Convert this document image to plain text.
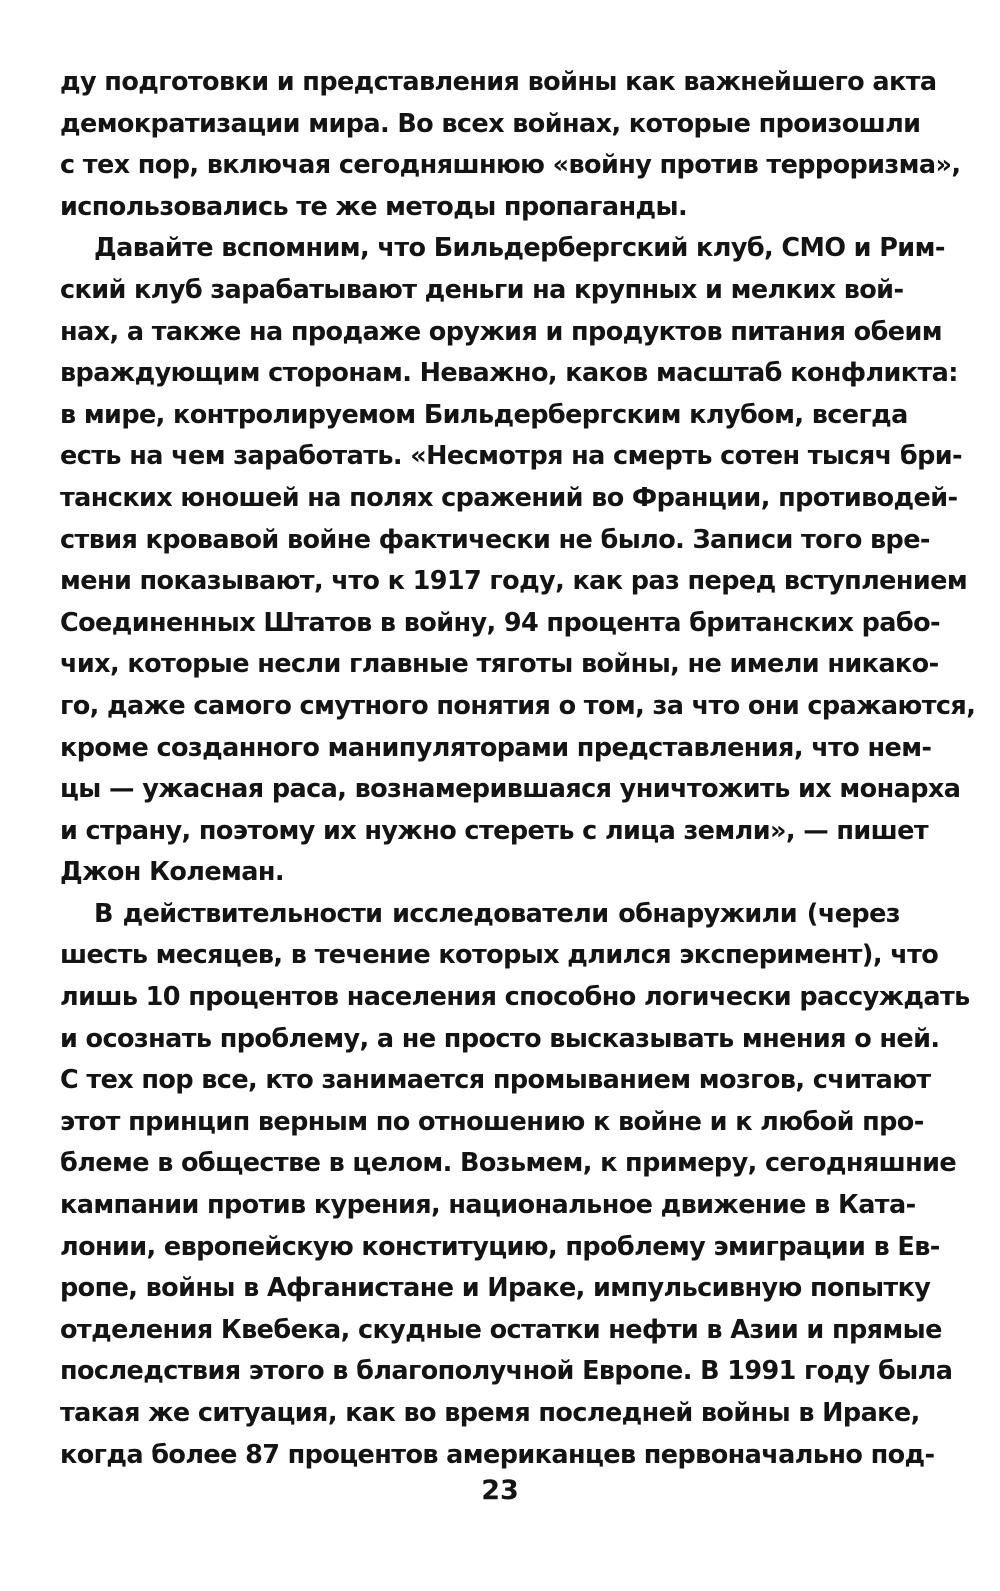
ду подготовки и представления войны как важнейшего акта
демократизации мира. Во всех войнах, которые произошли
с тех пор, включая сегодняшнюю «войну против терроризма»,
использовались те же методы пропаганды.
Давайте вспомним, что Бильдербергский клуб, СМО и Рим-
ский клуб зарабатывают деньги на крупных и мелких вой-
нах, а также на продаже оружия и продуктов питания обеим
враждующим сторонам. Неважно, каков масштаб конфликта:
в мире, контролируемом Бильдербергским клубом, всегда
есть на чем заработать. «Несмотря на смерть сотен тысяч бри-
танских юношей на полях сражений во Франции, противодей-
ствия кровавой войне фактически не было. Записи того вре-
мени показывают, что к 1917 году, как раз перед вступлением
Соединенных Штатов в войну, 94 процента британских рабо-
чих, которые несли главные тяготы войны, не имели никако-
го, даже самого смутного понятия о том, за что они сражаются,
кроме созданного манипуляторами представления, что нем-
цы — ужасная раса, вознамерившаяся уничтожить их монарха
и страну, поэтому их нужно стереть с лица земли», — пишет
Джон Колеман.
В действительности исследователи обнаружили (через
шесть месяцев, в течение которых длился эксперимент), что
лишь 10 процентов населения способно логически рассуждать
и осознать проблему, а не просто высказывать мнения о ней.
С тех пор все, кто занимается промыванием мозгов, считают
этот принцип верным по отношению к войне и к любой про-
блеме в обществе в целом. Возьмем, к примеру, сегодняшние
кампании против курения, национальное движение в Ката-
лонии, европейскую конституцию, проблему эмиграции в Ев-
ропе, войны в Афганистане и Ираке, импульсивную попытку
отделения Квебека, скудные остатки нефти в Азии и прямые
последствия этого в благополучной Европе. В 1991 году была
такая же ситуация, как во время последней войны в Ираке,
когда более 87 процентов американцев первоначально под-
23
